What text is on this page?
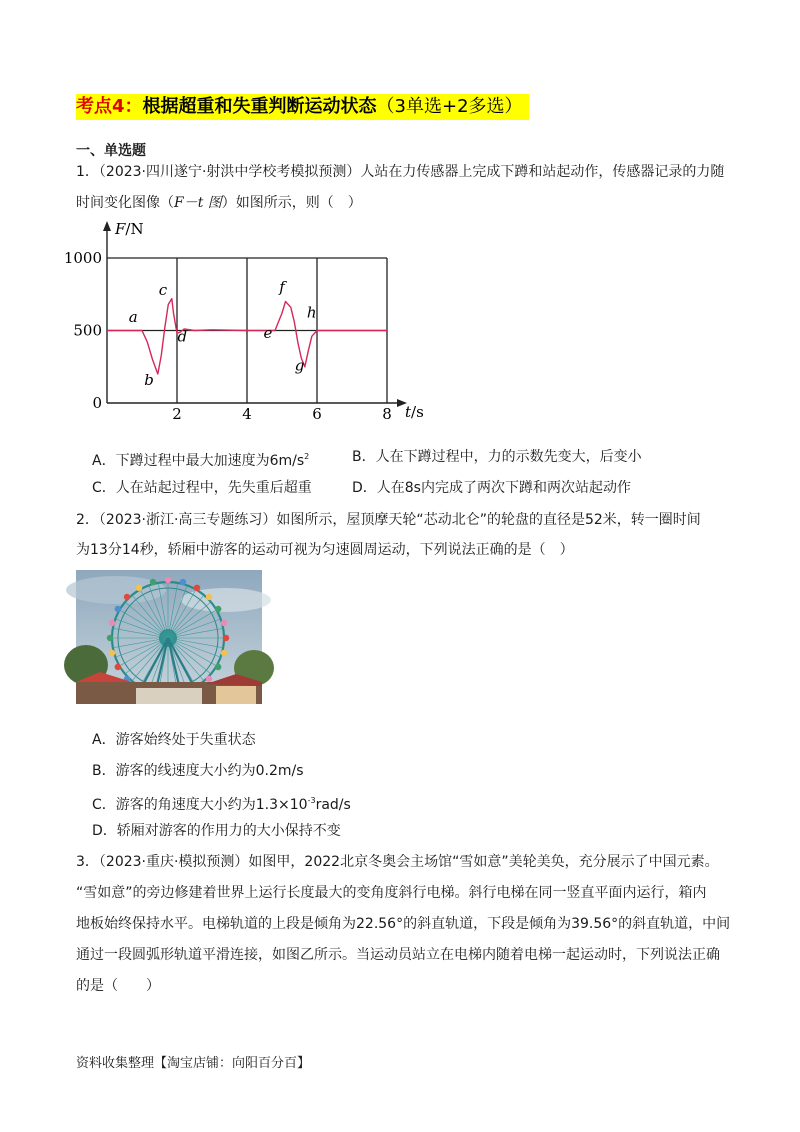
考点4：根据超重和失重判断运动状态（3单选+2多选）
一、单选题
1．（2023·四川遂宁·射洪中学校考模拟预测）人站在力传感器上完成下蹲和站起动作，传感器记录的力随
时间变化图像（F－t 图）如图所示，则（　）
2	4	6	8
0
500
1000
F/N
t/s
a
b
c
d	e
f
g
h
A．下蹲过程中最大加速度为$6m/s^2$	B．人在下蹲过程中，力的示数先变大，后变小
C．人在站起过程中，先失重后超重	D．人在8s内完成了两次下蹲和两次站起动作
2．（2023·浙江·高三专题练习）如图所示，屋顶摩天轮“芯动北仑”的轮盘的直径是52米，转一圈时间
为13分14秒，轿厢中游客的运动可视为匀速圆周运动，下列说法正确的是（　）
A．游客始终处于失重状态
B．游客的线速度大小约为0.2m/s
C．游客的角速度大小约为$1.3\times 10^{-3}rad/s$
D．轿厢对游客的作用力的大小保持不变
3．（2023·重庆·模拟预测）如图甲，2022北京冬奥会主场馆“雪如意”美轮美奂，充分展示了中国元素。
“雪如意”的旁边修建着世界上运行长度最大的变角度斜行电梯。斜行电梯在同一竖直平面内运行，箱内
地板始终保持水平。电梯轨道的上段是倾角为22.56°的斜直轨道，下段是倾角为39.56°的斜直轨道，中间
通过一段圆弧形轨道平滑连接，如图乙所示。当运动员站立在电梯内随着电梯一起运动时，下列说法正确
的是（　　）
资料收集整理【淘宝店铺：向阳百分百】
